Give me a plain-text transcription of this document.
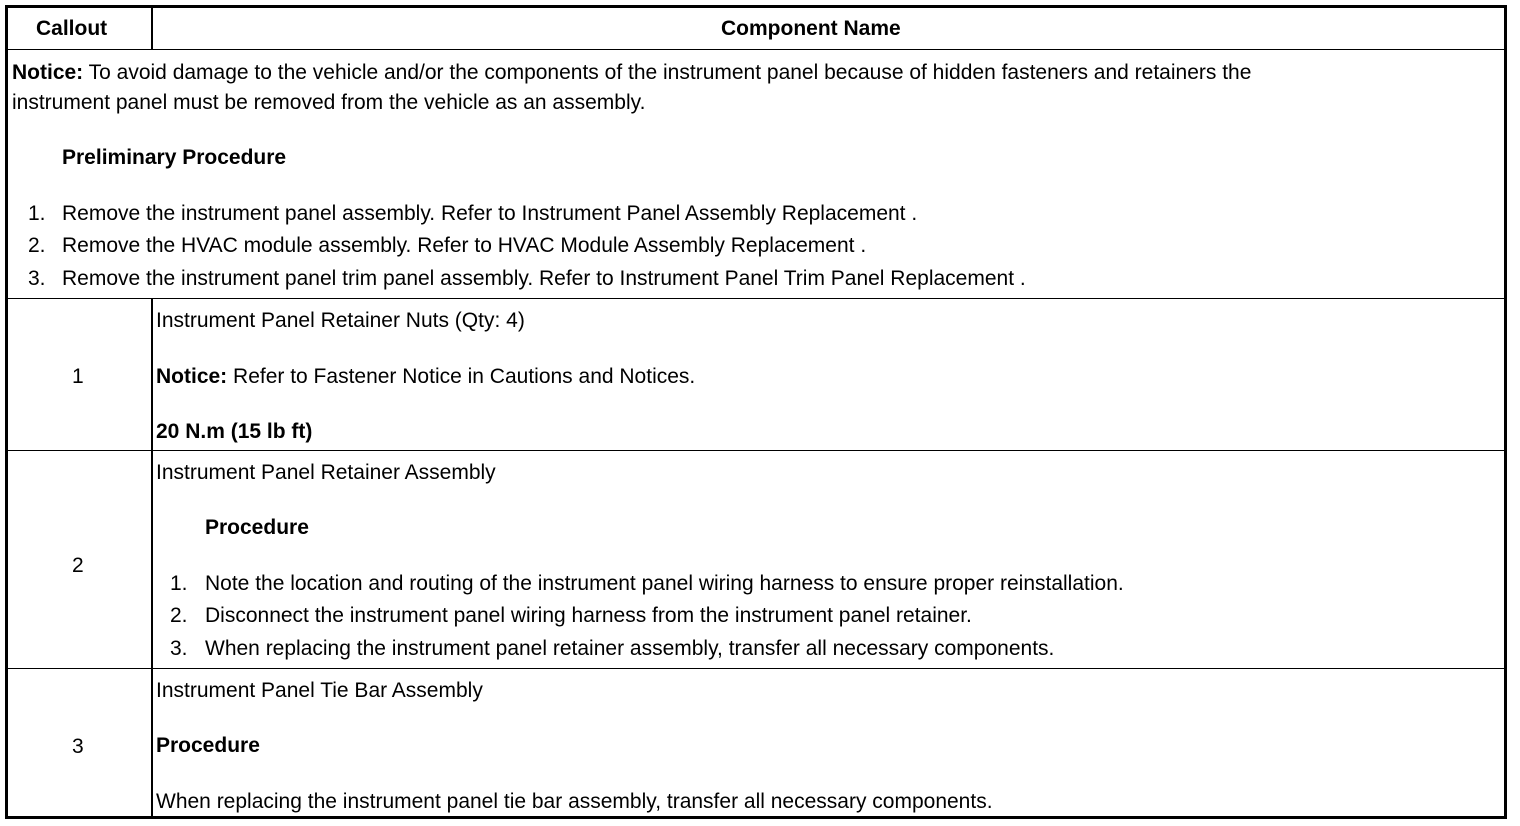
Callout	Component Name
Notice: To avoid damage to the vehicle and/or the components of the instrument panel because of hidden fasteners and retainers the
instrument panel must be removed from the vehicle as an assembly.
Preliminary Procedure
1. Remove the instrument panel assembly. Refer to Instrument Panel Assembly Replacement .
2. Remove the HVAC module assembly. Refer to HVAC Module Assembly Replacement .
3. Remove the instrument panel trim panel assembly. Refer to Instrument Panel Trim Panel Replacement .
1
Instrument Panel Retainer Nuts (Qty: 4)
Notice: Refer to Fastener Notice in Cautions and Notices.
20 N.m (15 lb ft)
2
Instrument Panel Retainer Assembly
Procedure
1. Note the location and routing of the instrument panel wiring harness to ensure proper reinstallation.
2. Disconnect the instrument panel wiring harness from the instrument panel retainer.
3. When replacing the instrument panel retainer assembly, transfer all necessary components.
3
Instrument Panel Tie Bar Assembly
Procedure
When replacing the instrument panel tie bar assembly, transfer all necessary components.
